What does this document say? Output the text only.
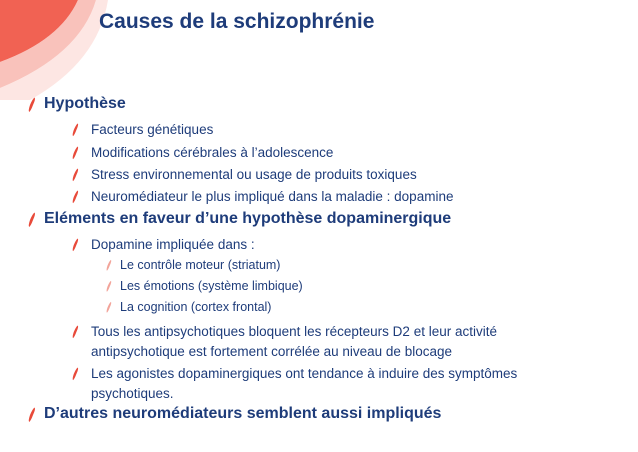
Causes de la schizophrénie
Hypothèse
Facteurs génétiques
Modifications cérébrales à l’adolescence
Stress environnemental ou usage de produits toxiques
Neuromédiateur le plus impliqué dans la maladie : dopamine
Eléments en faveur d’une hypothèse dopaminergique
Dopamine impliquée dans :
Le contrôle moteur (striatum)
Les émotions (système limbique)
La cognition (cortex frontal)
Tous les antipsychotiques bloquent les récepteurs D2 et leur activité
antipsychotique est fortement corrélée au niveau de blocage
Les agonistes dopaminergiques ont tendance à induire des symptômes
psychotiques.
D’autres neuromédiateurs semblent aussi impliqués
